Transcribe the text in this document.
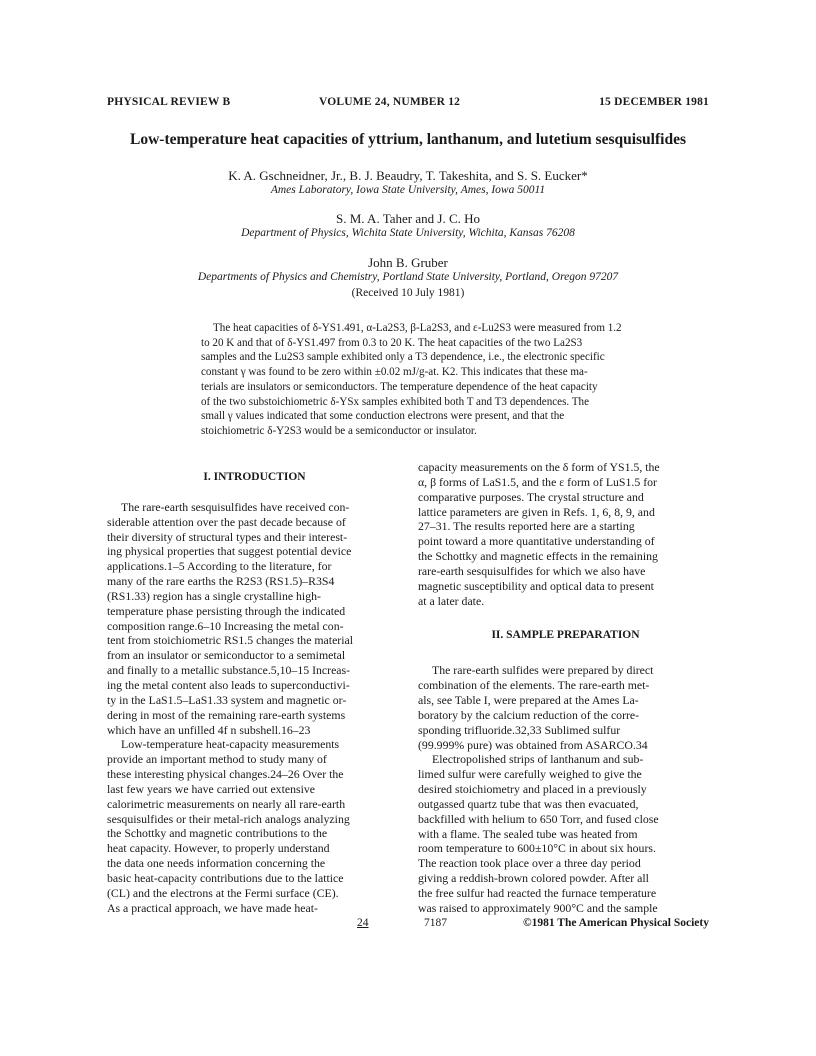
PHYSICAL REVIEW B	VOLUME 24, NUMBER 12	15 DECEMBER 1981
Low-temperature heat capacities of yttrium, lanthanum, and lutetium sesquisulfides
K. A. Gschneidner, Jr., B. J. Beaudry, T. Takeshita, and S. S. Eucker*
Ames Laboratory, Iowa State University, Ames, Iowa 50011
S. M. A. Taher and J. C. Ho
Department of Physics, Wichita State University, Wichita, Kansas 76208
John B. Gruber
Departments of Physics and Chemistry, Portland State University, Portland, Oregon 97207
(Received 10 July 1981)
The heat capacities of δ-YS1.491, α-La2S3, β-La2S3, and ε-Lu2S3 were measured from 1.2
to 20 K and that of δ-YS1.497 from 0.3 to 20 K. The heat capacities of the two La2S3
samples and the Lu2S3 sample exhibited only a T3 dependence, i.e., the electronic specific
constant γ was found to be zero within ±0.02 mJ/g-at. K2. This indicates that these ma-
terials are insulators or semiconductors. The temperature dependence of the heat capacity
of the two substoichiometric δ-YSx samples exhibited both T and T3 dependences. The
small γ values indicated that some conduction electrons were present, and that the
stoichiometric δ-Y2S3 would be a semiconductor or insulator.
I. INTRODUCTION
The rare-earth sesquisulfides have received con-
siderable attention over the past decade because of
their diversity of structural types and their interest-
ing physical properties that suggest potential device
applications.1–5 According to the literature, for
many of the rare earths the R2S3 (RS1.5)–R3S4
(RS1.33) region has a single crystalline high-
temperature phase persisting through the indicated
composition range.6–10 Increasing the metal con-
tent from stoichiometric RS1.5 changes the material
from an insulator or semiconductor to a semimetal
and finally to a metallic substance.5,10–15 Increas-
ing the metal content also leads to superconductivi-
ty in the LaS1.5–LaS1.33 system and magnetic or-
dering in most of the remaining rare-earth systems
which have an unfilled 4f n subshell.16–23
Low-temperature heat-capacity measurements
provide an important method to study many of
these interesting physical changes.24–26 Over the
last few years we have carried out extensive
calorimetric measurements on nearly all rare-earth
sesquisulfides or their metal-rich analogs analyzing
the Schottky and magnetic contributions to the
heat capacity. However, to properly understand
the data one needs information concerning the
basic heat-capacity contributions due to the lattice
(CL) and the electrons at the Fermi surface (CE).
As a practical approach, we have made heat-
capacity measurements on the δ form of YS1.5, the
α, β forms of LaS1.5, and the ε form of LuS1.5 for
comparative purposes. The crystal structure and
lattice parameters are given in Refs. 1, 6, 8, 9, and
27–31. The results reported here are a starting
point toward a more quantitative understanding of
the Schottky and magnetic effects in the remaining
rare-earth sesquisulfides for which we also have
magnetic susceptibility and optical data to present
at a later date.
II. SAMPLE PREPARATION
The rare-earth sulfides were prepared by direct
combination of the elements. The rare-earth met-
als, see Table I, were prepared at the Ames La-
boratory by the calcium reduction of the corre-
sponding trifluoride.32,33 Sublimed sulfur
(99.999% pure) was obtained from ASARCO.34
Electropolished strips of lanthanum and sub-
limed sulfur were carefully weighed to give the
desired stoichiometry and placed in a previously
outgassed quartz tube that was then evacuated,
backfilled with helium to 650 Torr, and fused close
with a flame. The sealed tube was heated from
room temperature to 600±10°C in about six hours.
The reaction took place over a three day period
giving a reddish-brown colored powder. After all
the free sulfur had reacted the furnace temperature
was raised to approximately 900°C and the sample
24	7187	©1981 The American Physical Society
